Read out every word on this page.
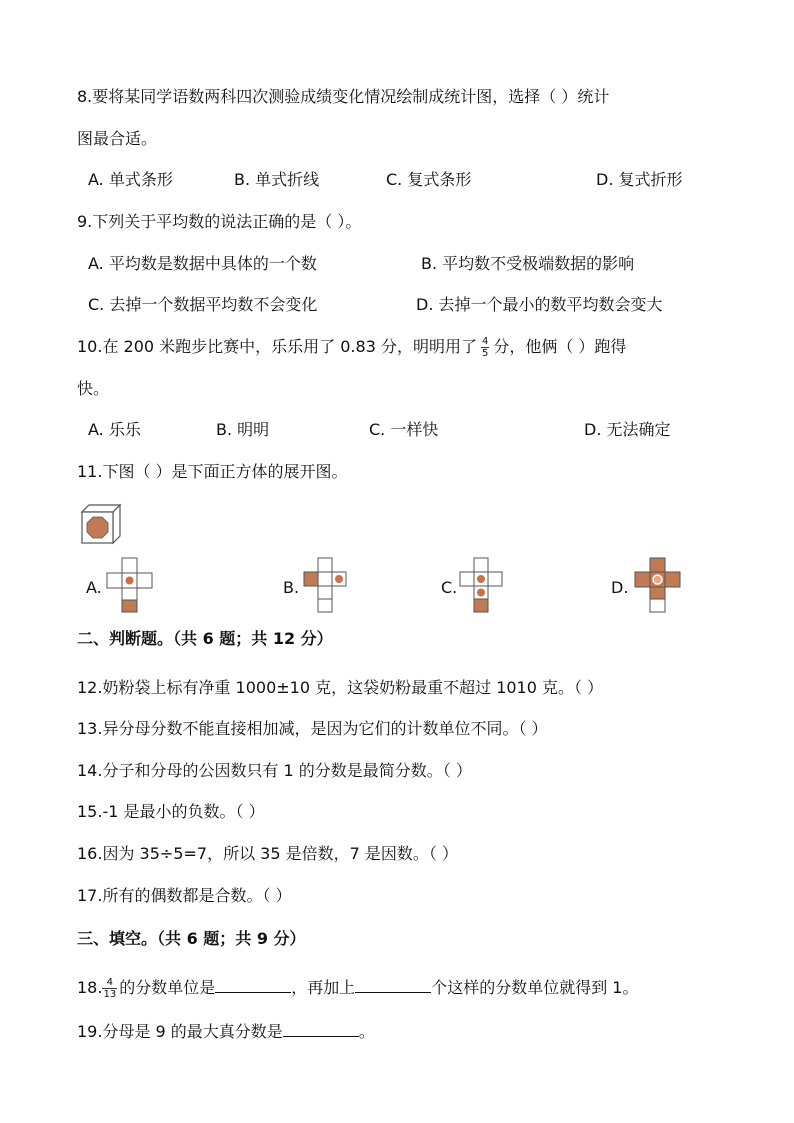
8.要将某同学语数两科四次测验成绩变化情况绘制成统计图，选择（ ）统计
图最合适。
A. 单式条形	B. 单式折线	C. 复式条形	D. 复式折形
9.下列关于平均数的说法正确的是（ ）。
A. 平均数是数据中具体的一个数	B. 平均数不受极端数据的影响
C. 去掉一个数据平均数不会变化	D. 去掉一个最小的数平均数会变大
10.在 200 米跑步比赛中，乐乐用了 0.83 分，明明用了 $\frac{4}{5}$ 分，他俩（ ）跑得
快。
A. 乐乐	B. 明明	C. 一样快	D. 无法确定
11.下图（ ）是下面正方体的展开图。
A.	B.	C.	D.
二、判断题。（共 6 题；共 12 分）
12.奶粉袋上标有净重 1000±10 克，这袋奶粉最重不超过 1010 克。（ ）
13.异分母分数不能直接相加减，是因为它们的计数单位不同。（ ）
14.分子和分母的公因数只有 1 的分数是最简分数。（ ）
15.-1 是最小的负数。（ ）
16.因为 35÷5=7，所以 35 是倍数，7 是因数。（ ）
17.所有的偶数都是合数。（ ）
三、填空。（共 6 题；共 9 分）
18. $\frac{4}{13}$ 的分数单位是	，再加上	个这样的分数单位就得到 1。
19.分母是 9 的最大真分数是	。
